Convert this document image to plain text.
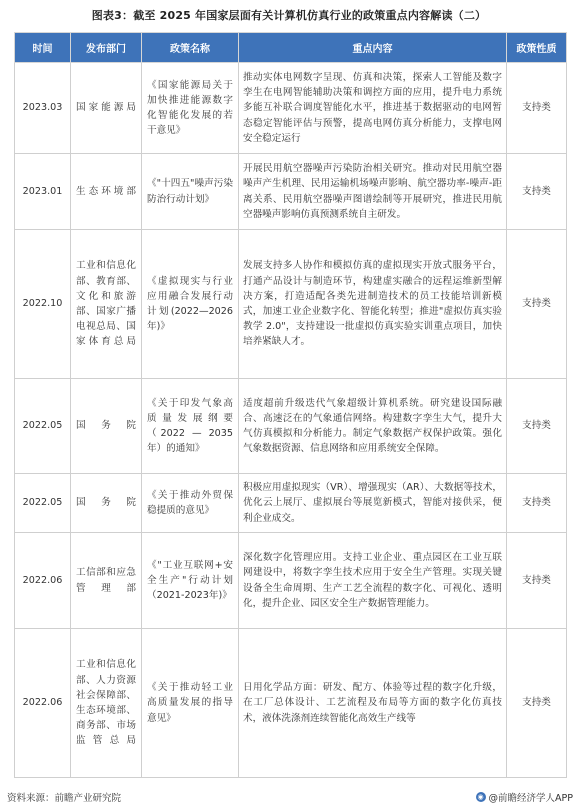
图表3：截至 2025 年国家层面有关计算机仿真行业的政策重点内容解读（二）
时间	发布部门	政策名称	重点内容	政策性质
2023.03	国家能源局	《国家能源局关于加快推进能源数字化智能化发展的若干意见》	推动实体电网数字呈现、仿真和决策，探索人工智能及数字孪生在电网智能辅助决策和调控方面的应用，提升电力系统多能互补联合调度智能化水平，推进基于数据驱动的电网暂态稳定智能评估与预警，提高电网仿真分析能力，支撑电网安全稳定运行	支持类
2023.01	生态环境部	《"十四五"噪声污染防治行动计划》	开展民用航空器噪声污染防治相关研究。推动对民用航空器噪声产生机理、民用运输机场噪声影响、航空器功率-噪声-距离关系、民用航空器噪声图谱绘制等开展研究，推进民用航空器噪声影响仿真预测系统自主研发。	支持类
2022.10	工业和信息化部、教育部、文化和旅游部、国家广播电视总局、国家体育总局	《虚拟现实与行业应用融合发展行动计划(2022—2026年)》	发展支持多人协作和模拟仿真的虚拟现实开放式服务平台，打通产品设计与制造环节，构建虚实融合的远程运维新型解决方案，打造适配各类先进制造技术的员工技能培训新模式，加速工业企业数字化、智能化转型；推进"虚拟仿真实验教学 2.0"，支持建设一批虚拟仿真实验实训重点项目，加快培养紧缺人才。	支持类
2022.05	国务院	《关于印发气象高质量发展纲要（2022 — 2035 年）的通知》	适度超前升级迭代气象超级计算机系统。研究建设国际融合、高速泛在的气象通信网络。构建数字孪生大气，提升大气仿真模拟和分析能力。制定气象数据产权保护政策。强化气象数据资源、信息网络和应用系统安全保障。	支持类
2022.05	国务院	《关于推动外贸保稳提质的意见》	积极应用虚拟现实（VR）、增强现实（AR）、大数据等技术，优化云上展厅、虚拟展台等展览新模式，智能对接供采，便利企业成交。	支持类
2022.06	工信部和应急管理部	《"工业互联网+安全生产"行动计划（2021-2023年)》	深化数字化管理应用。支持工业企业、重点园区在工业互联网建设中，将数字孪生技术应用于安全生产管理。实现关键设备全生命周期、生产工艺全流程的数字化、可视化、透明化，提升企业、园区安全生产数据管理能力。	支持类
2022.06	工业和信息化部、人力资源社会保障部、生态环境部、商务部、市场监管总局	《关于推动轻工业高质量发展的指导意见》	日用化学品方面：研发、配方、体验等过程的数字化升级，在工厂总体设计、工艺流程及布局等方面的数字化仿真技术，液体洗涤剂连续智能化高效生产线等	支持类
资料来源：前瞻产业研究院	◉ @前瞻经济学人APP
